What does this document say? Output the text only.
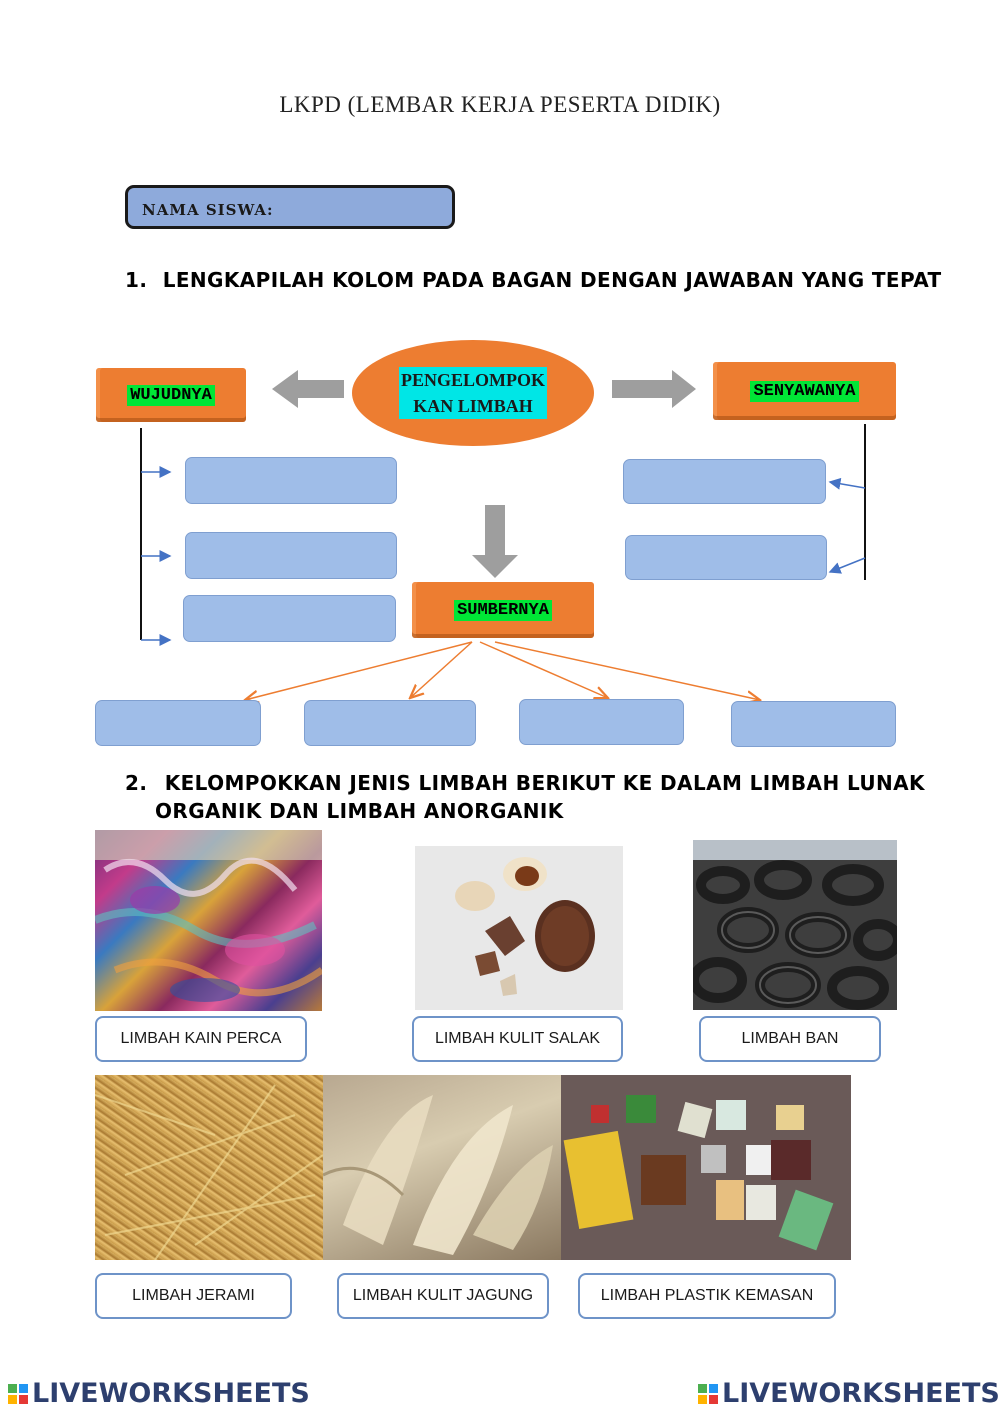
LKPD (LEMBAR KERJA PESERTA DIDIK)
NAMA SISWA:
1. LENGKAPILAH KOLOM PADA BAGAN DENGAN JAWABAN YANG TEPAT
PENGELOMPOK
KAN LIMBAH
WUJUDNYA	SENYAWANYA
SUMBERNYA
2. KELOMPOKKAN JENIS LIMBAH BERIKUT KE DALAM LIMBAH LUNAK
ORGANIK DAN LIMBAH ANORGANIK
LIMBAH KAIN PERCA	LIMBAH KULIT SALAK	LIMBAH BAN
LIMBAH JERAMI	LIMBAH KULIT JAGUNG	LIMBAH PLASTIK KEMASAN
LIVEWORKSHEETS	LIVEWORKSHEETS
